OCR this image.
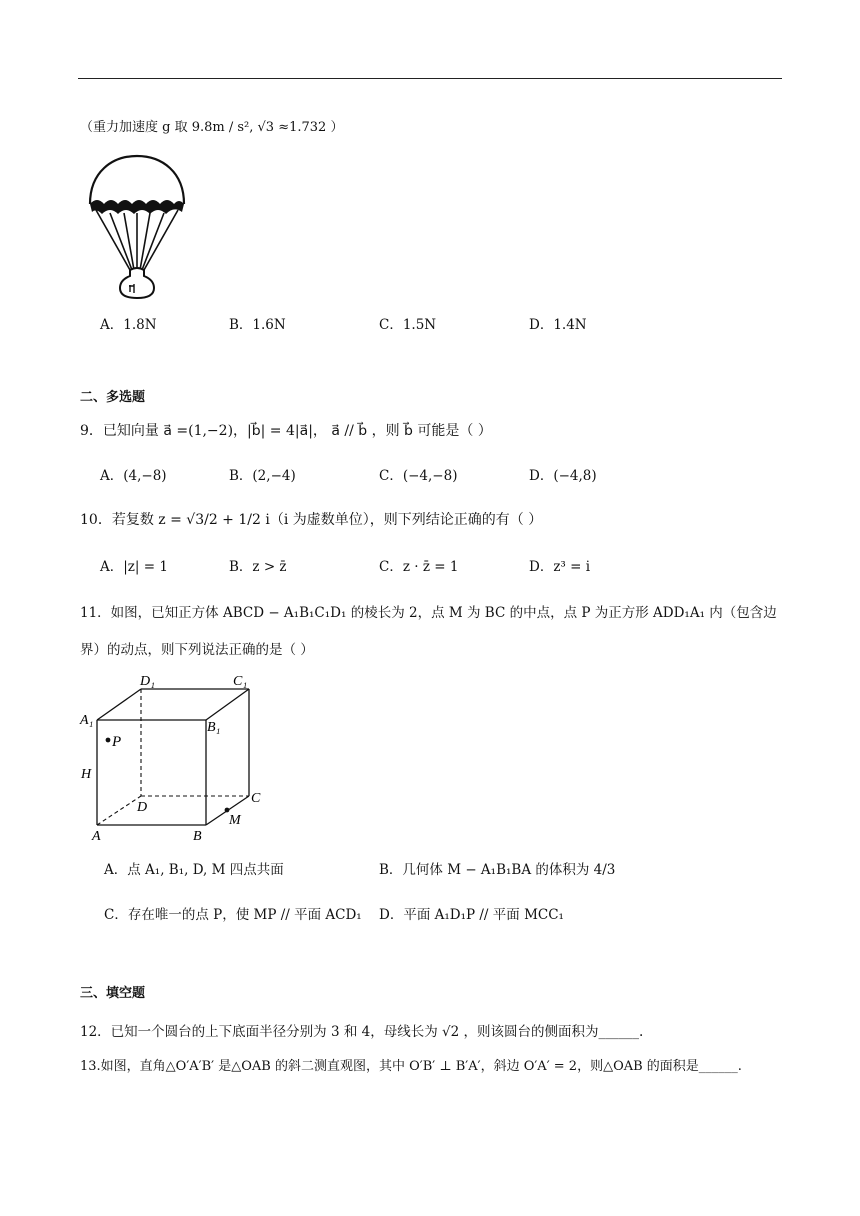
（重力加速度 g 取 9.8m / s², √3 ≈1.732 ）
A．1.8N	B．1.6N	C．1.5N	D．1.4N
二、多选题
9．已知向量 a⃗ =(1,−2)，|b⃗| = 4|a⃗|， a⃗ // b⃗ ，则 b⃗ 可能是（ ）
A．(4,−8)	B．(2,−4)	C．(−4,−8)	D．(−4,8)
10．若复数 z = √3/2 + 1/2 i（i 为虚数单位），则下列结论正确的有（ ）
A．|z| = 1	B．z > z̄	C．z · z̄ = 1	D．z³ = i
11．如图，已知正方体 ABCD − A₁B₁C₁D₁ 的棱长为 2，点 M 为 BC 的中点，点 P 为正方形 ADD₁A₁ 内（包含边
界）的动点，则下列说法正确的是（ ）
D₁	C₁
A₁	B₁
P
H
D
C
A	B
M
A．点 A₁, B₁, D, M 四点共面	B．几何体 M − A₁B₁BA 的体积为 4/3
C．存在唯一的点 P，使 MP // 平面 ACD₁ D．平面 A₁D₁P // 平面 MCC₁
三、填空题
12．已知一个圆台的上下底面半径分别为 3 和 4，母线长为 √2 ，则该圆台的侧面积为______.
13.如图，直角△O′A′B′ 是△OAB 的斜二测直观图，其中 O′B′ ⊥ B′A′，斜边 O′A′ = 2，则△OAB 的面积是______.
